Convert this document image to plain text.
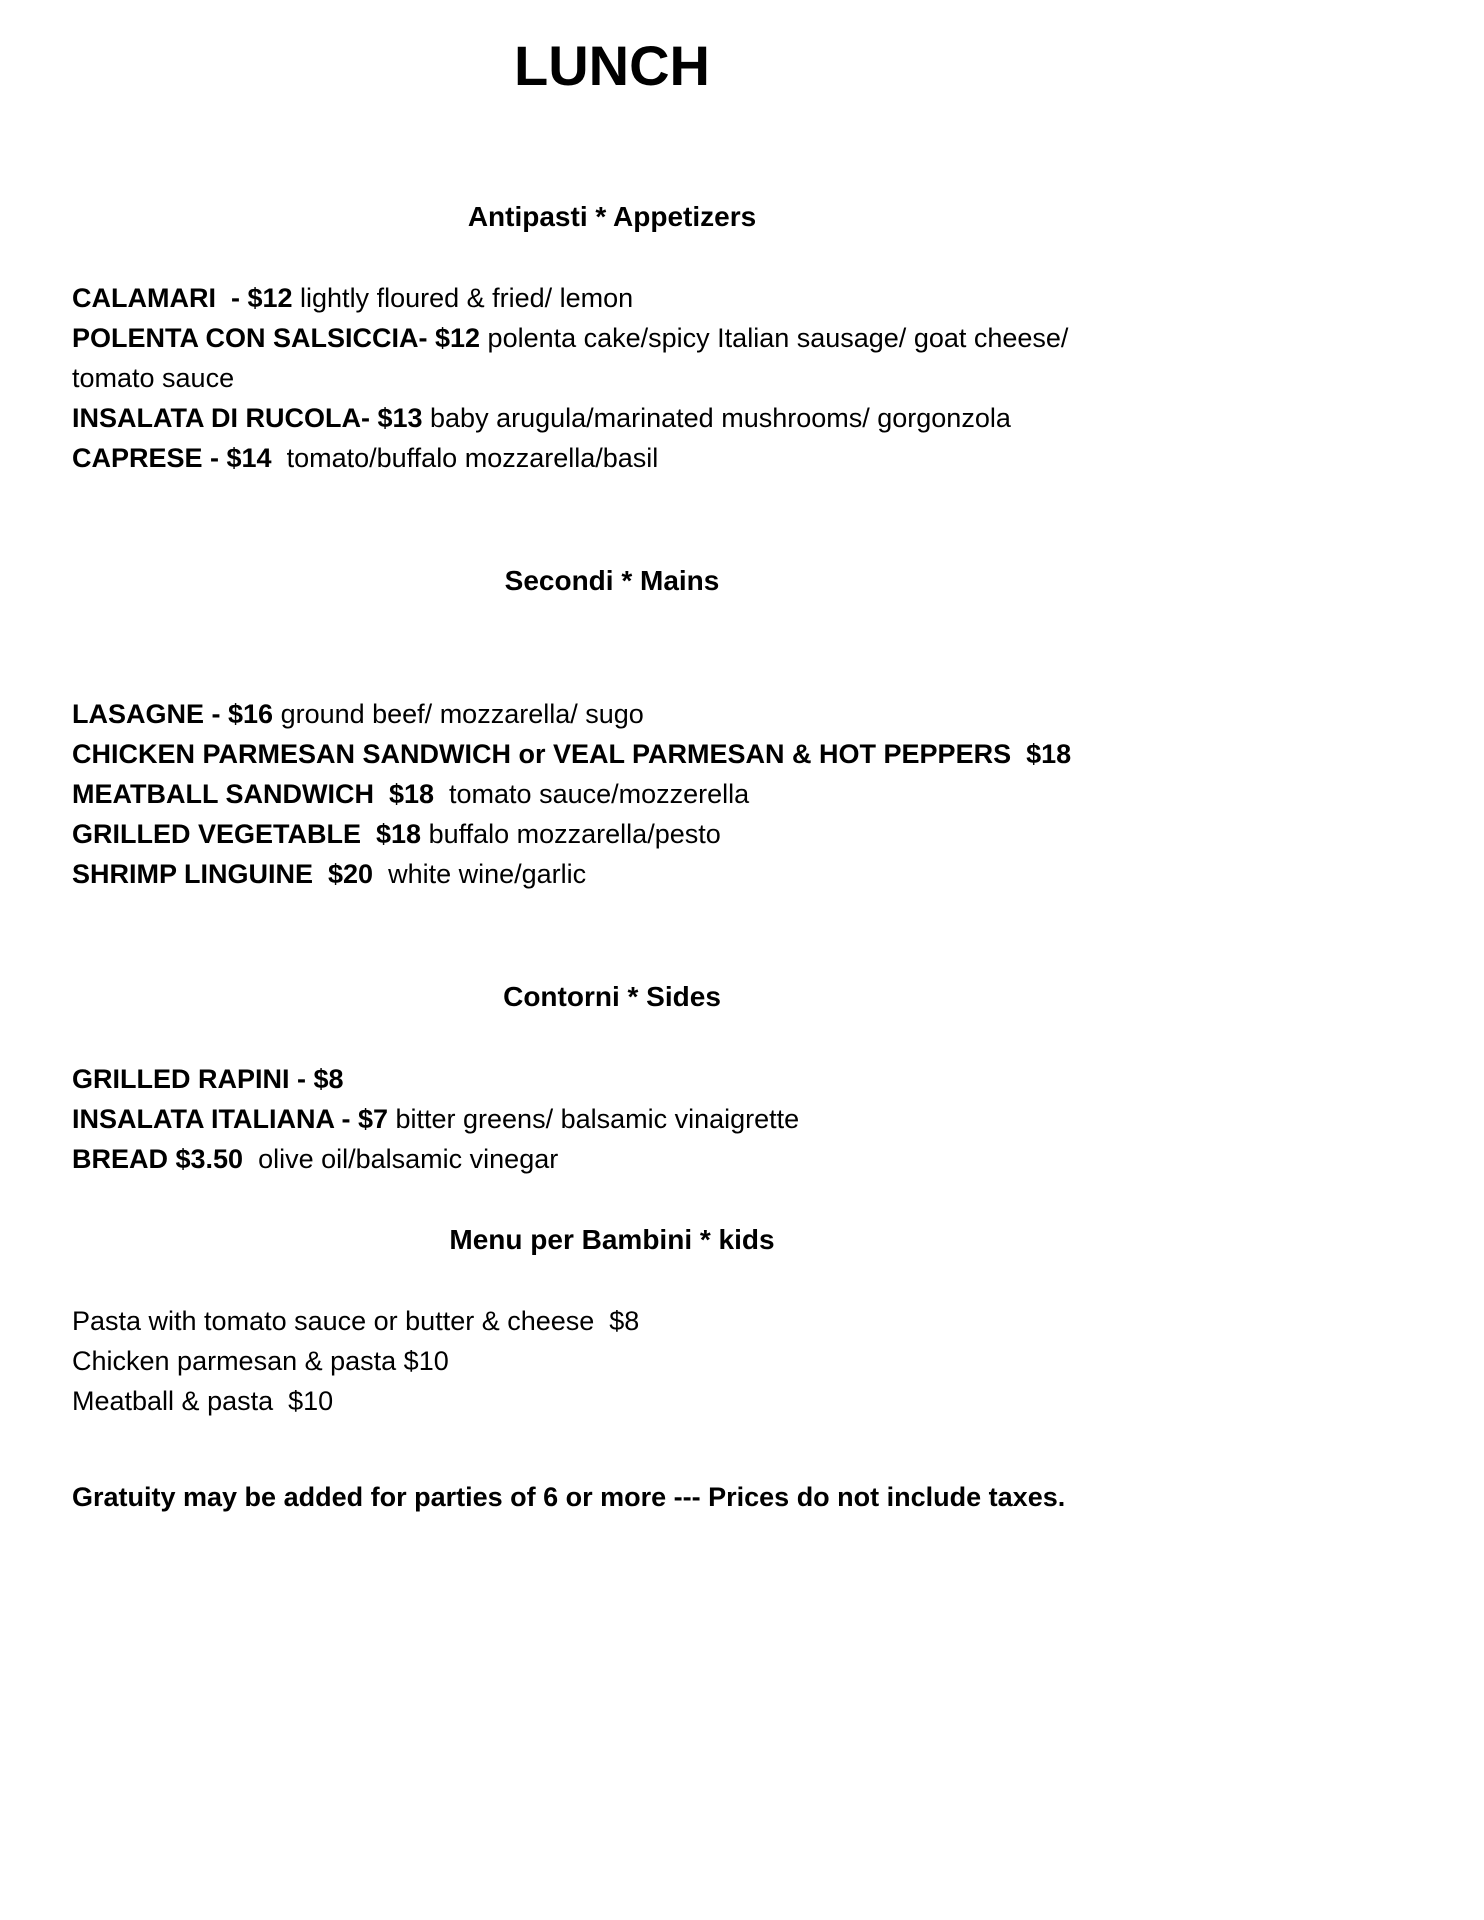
LUNCH
Antipasti * Appetizers

CALAMARI  - $12 lightly floured & fried/ lemon

POLENTA CON SALSICCIA- $12 polenta cake/spicy Italian sausage/ goat cheese/ tomato sauce

INSALATA DI RUCOLA- $13 baby arugula/marinated mushrooms/ gorgonzola

CAPRESE - $14  tomato/buffalo mozzarella/basil

Secondi * Mains

LASAGNE - $16 ground beef/ mozzarella/ sugo

CHICKEN PARMESAN SANDWICH or VEAL PARMESAN & HOT PEPPERS  $18

MEATBALL SANDWICH  $18  tomato sauce/mozzerella

GRILLED VEGETABLE  $18 buffalo mozzarella/pesto

SHRIMP LINGUINE  $20  white wine/garlic

Contorni * Sides

GRILLED RAPINI - $8

INSALATA ITALIANA - $7 bitter greens/ balsamic vinaigrette

BREAD $3.50  olive oil/balsamic vinegar

Menu per Bambini * kids

Pasta with tomato sauce or butter & cheese  $8

Chicken parmesan & pasta $10

Meatball & pasta  $10

Gratuity may be added for parties of 6 or more --- Prices do not include taxes.
